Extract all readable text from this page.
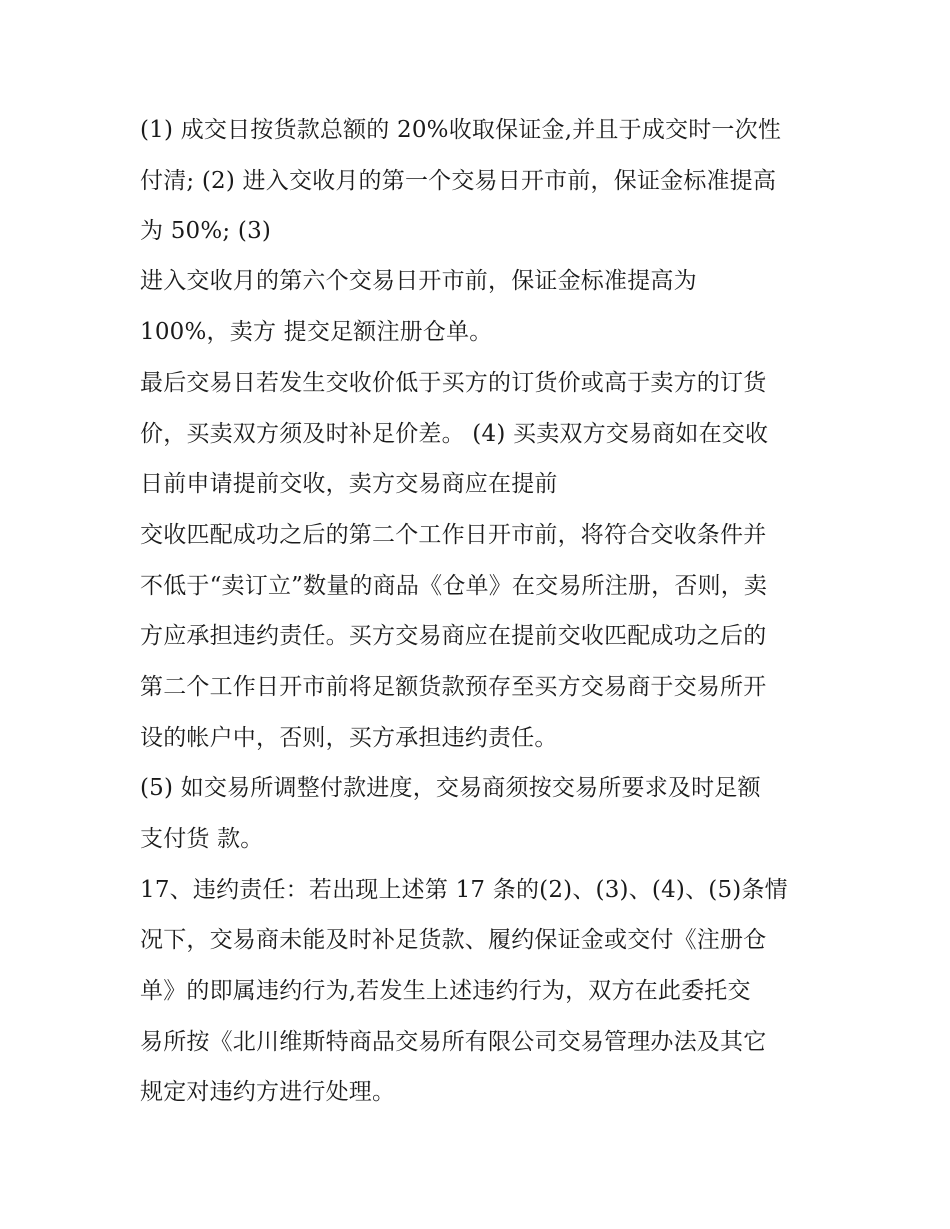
(1) 成交日按货款总额的 20%收取保证金,并且于成交时一次性
付清; (2) 进入交收月的第一个交易日开市前，保证金标准提高
为 50%; (3)
进入交收月的第六个交易日开市前，保证金标准提高为
100%，卖方 提交足额注册仓单。
最后交易日若发生交收价低于买方的订货价或高于卖方的订货
价，买卖双方须及时补足价差。 (4) 买卖双方交易商如在交收
日前申请提前交收，卖方交易商应在提前
交收匹配成功之后的第二个工作日开市前，将符合交收条件并
不低于“卖订立”数量的商品《仓单》在交易所注册，否则，卖
方应承担违约责任。买方交易商应在提前交收匹配成功之后的
第二个工作日开市前将足额货款预存至买方交易商于交易所开
设的帐户中，否则，买方承担违约责任。
(5) 如交易所调整付款进度，交易商须按交易所要求及时足额
支付货 款。
17、违约责任：若出现上述第 17 条的(2)、(3)、(4)、(5)条情
况下，交易商未能及时补足货款、履约保证金或交付《注册仓
单》的即属违约行为,若发生上述违约行为，双方在此委托交
易所按《北川维斯特商品交易所有限公司交易管理办法及其它
规定对违约方进行处理。
